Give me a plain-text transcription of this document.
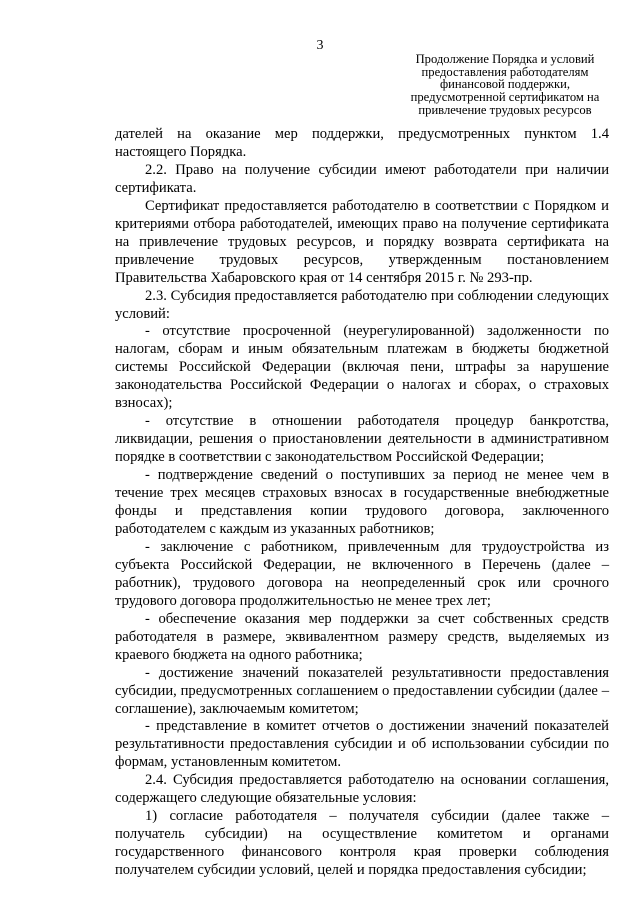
3
Продолжение Порядка и условий предоставления работодателям финансовой поддержки, предусмотренной сертификатом на привлечение трудовых ресурсов

дателей на оказание мер поддержки, предусмотренных пунктом 1.4 настоящего Порядка.

2.2. Право на получение субсидии имеют работодатели при наличии сертификата.

Сертификат предоставляется работодателю в соответствии с Порядком и критериями отбора работодателей, имеющих право на получение сертификата на привлечение трудовых ресурсов, и порядку возврата сертификата на привлечение трудовых ресурсов, утвержденным постановлением Правительства Хабаровского края от 14 сентября 2015 г. № 293-пр.

2.3. Субсидия предоставляется работодателю при соблюдении следующих условий:

- отсутствие просроченной (неурегулированной) задолженности по налогам, сборам и иным обязательным платежам в бюджеты бюджетной системы Российской Федерации (включая пени, штрафы за нарушение законодательства Российской Федерации о налогах и сборах, о страховых взносах);

- отсутствие в отношении работодателя процедур банкротства, ликвидации, решения о приостановлении деятельности в административном порядке в соответствии с законодательством Российской Федерации;

- подтверждение сведений о поступивших за период не менее чем в течение трех месяцев страховых взносах в государственные внебюджетные фонды и представления копии трудового договора, заключенного работодателем с каждым из указанных работников;

- заключение с работником, привлеченным для трудоустройства из субъекта Российской Федерации, не включенного в Перечень (далее – работник), трудового договора на неопределенный срок или срочного трудового договора продолжительностью не менее трех лет;

- обеспечение оказания мер поддержки за счет собственных средств работодателя в размере, эквивалентном размеру средств, выделяемых из краевого бюджета на одного работника;

- достижение значений показателей результативности предоставления субсидии, предусмотренных соглашением о предоставлении субсидии (далее – соглашение), заключаемым комитетом;

- представление в комитет отчетов о достижении значений показателей результативности предоставления субсидии и об использовании субсидии по формам, установленным комитетом.

2.4. Субсидия предоставляется работодателю на основании соглашения, содержащего следующие обязательные условия:

1) согласие работодателя – получателя субсидии (далее также – получатель субсидии) на осуществление комитетом и органами государственного финансового контроля края проверки соблюдения получателем субсидии условий, целей и порядка предоставления субсидии;
